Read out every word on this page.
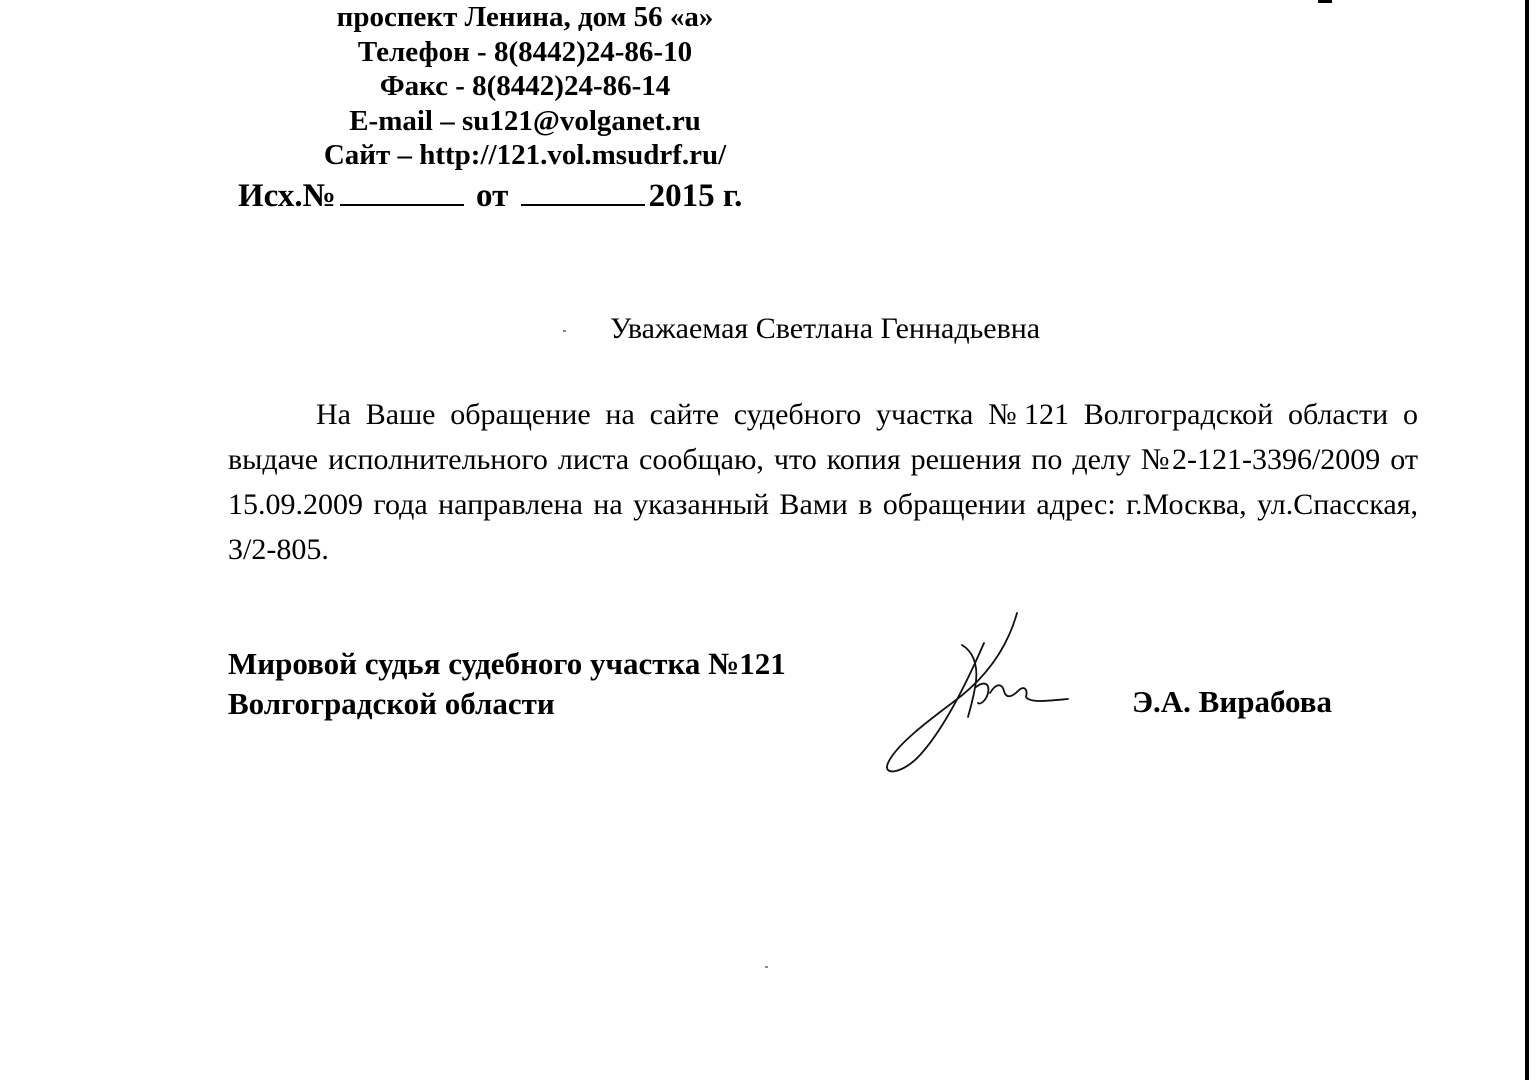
проспект Ленина, дом 56 «а»
Телефон - 8(8442)24-86-10
Факс - 8(8442)24-86-14
E-mail – su121@volganet.ru
Сайт – http://121.vol.msudrf.ru/
Исх.№	от	2015 г.
Уважаемая Светлана Геннадьевна
На Ваше обращение на сайте судебного участка №121 Волгоградской области о выдаче исполнительного листа сообщаю, что копия решения по делу №2-121-3396/2009 от 15.09.2009 года направлена на указанный Вами в обращении адрес: г.Москва, ул.Спасская, 3/2-805.
Мировой судья судебного участка №121
Волгоградской области	Э.А. Вирабова
